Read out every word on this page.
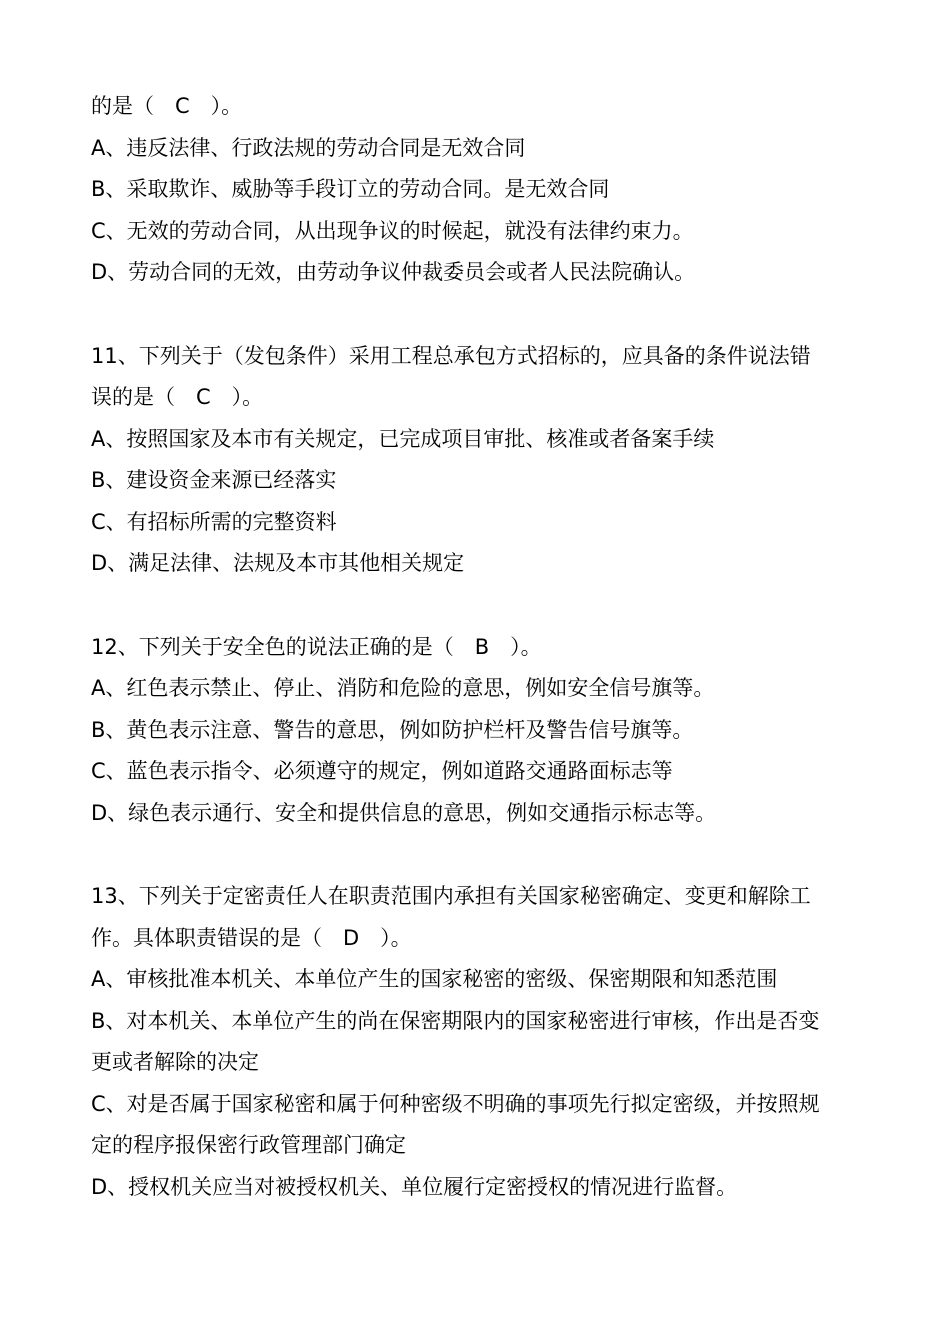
的是（　C　）。
A、违反法律、行政法规的劳动合同是无效合同
B、采取欺诈、威胁等手段订立的劳动合同。是无效合同
C、无效的劳动合同，从出现争议的时候起，就没有法律约束力。
D、劳动合同的无效，由劳动争议仲裁委员会或者人民法院确认。
11、下列关于（发包条件）采用工程总承包方式招标的，应具备的条件说法错
误的是（　C　）。
A、按照国家及本市有关规定，已完成项目审批、核准或者备案手续
B、建设资金来源已经落实
C、有招标所需的完整资料
D、满足法律、法规及本市其他相关规定
12、下列关于安全色的说法正确的是（　B　）。
A、红色表示禁止、停止、消防和危险的意思，例如安全信号旗等。
B、黄色表示注意、警告的意思，例如防护栏杆及警告信号旗等。
C、蓝色表示指令、必须遵守的规定，例如道路交通路面标志等
D、绿色表示通行、安全和提供信息的意思，例如交通指示标志等。
13、下列关于定密责任人在职责范围内承担有关国家秘密确定、变更和解除工
作。具体职责错误的是（　D　）。
A、审核批准本机关、本单位产生的国家秘密的密级、保密期限和知悉范围
B、对本机关、本单位产生的尚在保密期限内的国家秘密进行审核，作出是否变
更或者解除的决定
C、对是否属于国家秘密和属于何种密级不明确的事项先行拟定密级，并按照规
定的程序报保密行政管理部门确定
D、授权机关应当对被授权机关、单位履行定密授权的情况进行监督。
